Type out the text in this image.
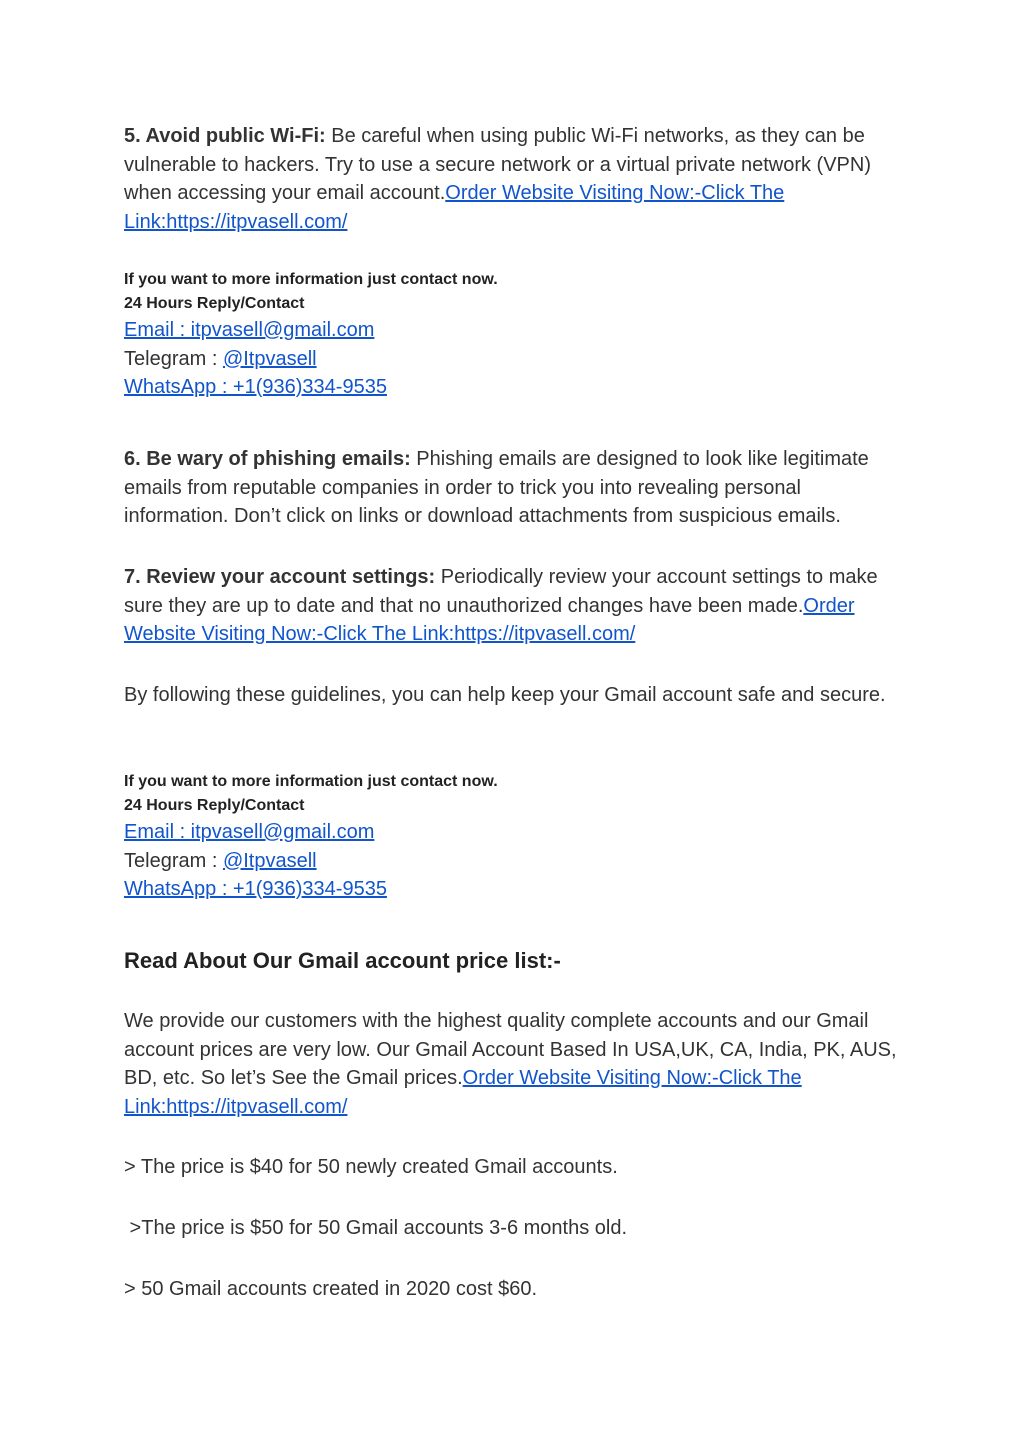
5. Avoid public Wi-Fi: Be careful when using public Wi-Fi networks, as they can be vulnerable to hackers. Try to use a secure network or a virtual private network (VPN) when accessing your email account.Order Website Visiting Now:-Click The Link:https://itpvasell.com/

If you want to more information just contact now.
24 Hours Reply/Contact
Email : itpvasell@gmail.com
Telegram : @Itpvasell
WhatsApp : +1(936)334-9535

6. Be wary of phishing emails: Phishing emails are designed to look like legitimate emails from reputable companies in order to trick you into revealing personal information. Don’t click on links or download attachments from suspicious emails.

7. Review your account settings: Periodically review your account settings to make sure they are up to date and that no unauthorized changes have been made.Order Website Visiting Now:-Click The Link:https://itpvasell.com/

By following these guidelines, you can help keep your Gmail account safe and secure.

If you want to more information just contact now.
24 Hours Reply/Contact
Email : itpvasell@gmail.com
Telegram : @Itpvasell
WhatsApp : +1(936)334-9535
Read About Our Gmail account price list:-

We provide our customers with the highest quality complete accounts and our Gmail account prices are very low. Our Gmail Account Based In USA,UK, CA, India, PK, AUS, BD, etc. So let’s See the Gmail prices.Order Website Visiting Now:-Click The Link:https://itpvasell.com/

> The price is $40 for 50 newly created Gmail accounts.
>The price is $50 for 50 Gmail accounts 3-6 months old.
> 50 Gmail accounts created in 2020 cost $60.
